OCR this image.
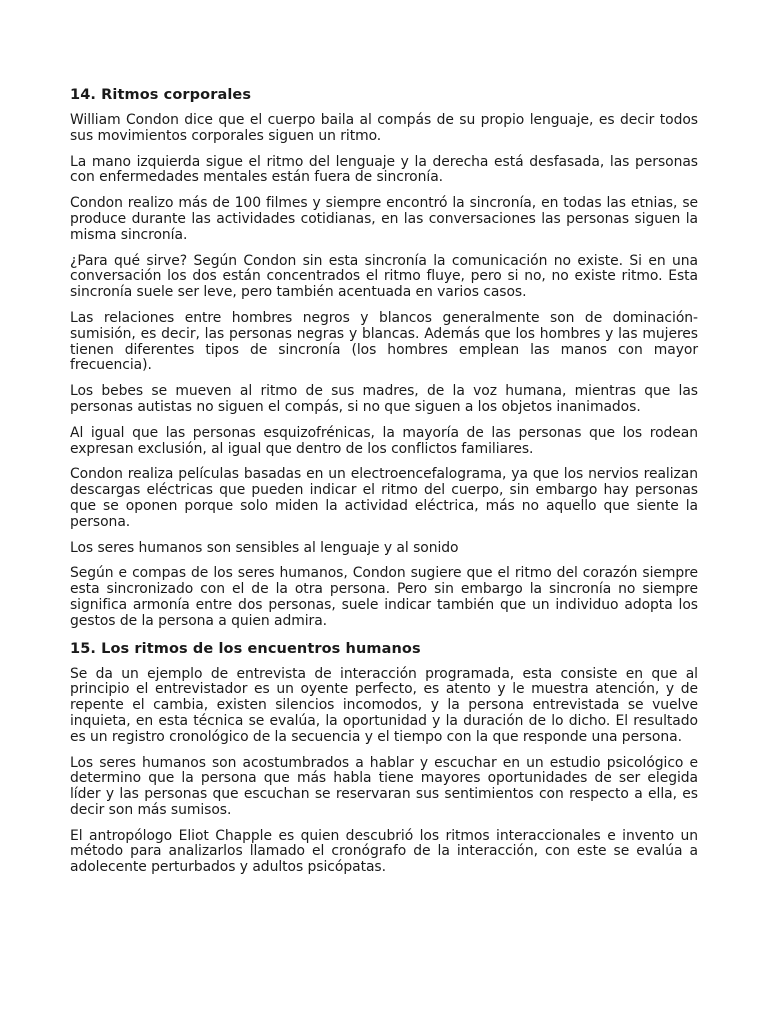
14. Ritmos corporales

William Condon dice que el cuerpo baila al compás de su propio lenguaje, es decir todos sus movimientos corporales siguen un ritmo.

La mano izquierda sigue el ritmo del lenguaje y la derecha está desfasada, las personas con enfermedades mentales están fuera de sincronía.

Condon realizo más de 100 filmes y siempre encontró la sincronía, en todas las etnias, se produce durante las actividades cotidianas, en las conversaciones las personas siguen la misma sincronía.

¿Para qué sirve? Según Condon sin esta sincronía la comunicación no existe. Si en una conversación los dos están concentrados el ritmo fluye, pero si no, no existe ritmo. Esta sincronía suele ser leve, pero también acentuada en varios casos.

Las relaciones entre hombres negros y blancos generalmente son de dominación-sumisión, es decir, las personas negras y blancas. Además que los hombres y las mujeres tienen diferentes tipos de sincronía (los hombres emplean las manos con mayor frecuencia).

Los bebes se mueven al ritmo de sus madres, de la voz humana, mientras que las personas autistas no siguen el compás, si no que siguen a los objetos inanimados.

Al igual que las personas esquizofrénicas, la mayoría de las personas que los rodean expresan exclusión, al igual que dentro de los conflictos familiares.

Condon realiza películas basadas en un electroencefalograma, ya que los nervios realizan descargas eléctricas que pueden indicar el ritmo del cuerpo, sin embargo hay personas que se oponen porque solo miden la actividad eléctrica, más no aquello que siente la persona.

Los seres humanos son sensibles al lenguaje y al sonido

Según e compas de los seres humanos, Condon sugiere que el ritmo del corazón siempre esta sincronizado con el de la otra persona. Pero sin embargo la sincronía no siempre significa armonía entre dos personas, suele indicar también que un individuo adopta los gestos de la persona a quien admira.

15. Los ritmos de los encuentros humanos

Se da un ejemplo de entrevista de interacción programada, esta consiste en que al principio el entrevistador es un oyente perfecto, es atento y le muestra atención, y de repente el cambia, existen silencios incomodos, y la persona entrevistada se vuelve inquieta, en esta técnica se evalúa, la oportunidad y la duración de lo dicho. El resultado es un registro cronológico de la secuencia y el tiempo con la que responde una persona.

Los seres humanos son acostumbrados a hablar y escuchar en un estudio psicológico e determino que la persona que más habla tiene mayores oportunidades de ser elegida líder y las personas que escuchan se reservaran sus sentimientos con respecto a ella, es decir son más sumisos.

El antropólogo Eliot Chapple es quien descubrió los ritmos interaccionales e invento un método para analizarlos llamado el cronógrafo de la interacción, con este se evalúa a adolecente perturbados y adultos psicópatas.
